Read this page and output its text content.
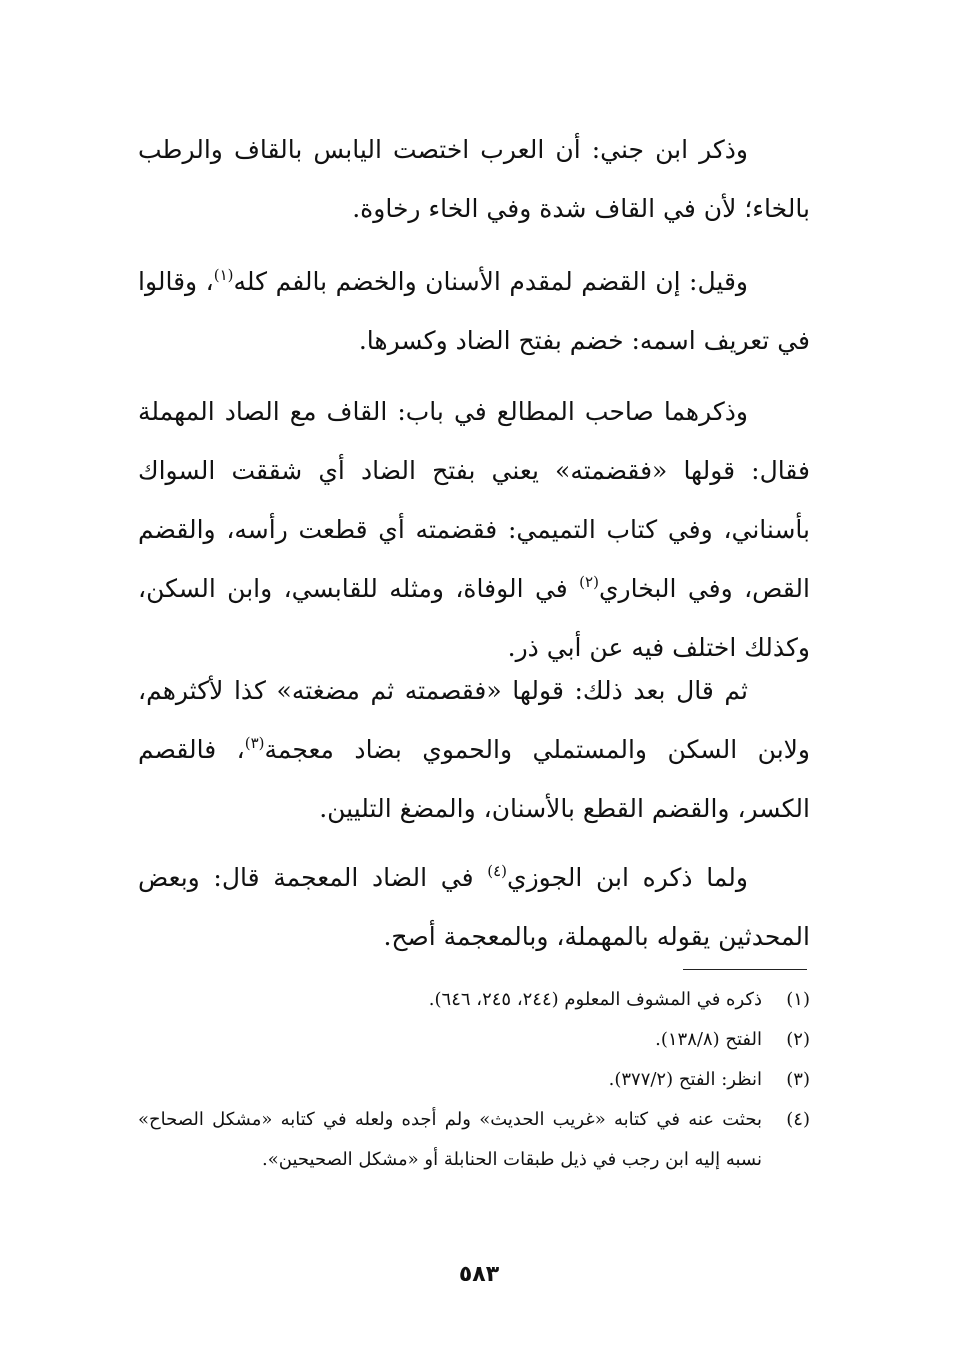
وذكر ابن جني: أن العرب اختصت اليابس بالقاف والرطب بالخاء؛ لأن في القاف شدة وفي الخاء رخاوة.

وقيل: إن القضم لمقدم الأسنان والخضم بالفم كله$^{(١)}$، وقالوا في تعريف اسمه: خضم بفتح الضاد وكسرها.

وذكرهما صاحب المطالع في باب: القاف مع الصاد المهملة فقال: قولها «فقضمته» يعني بفتح الضاد أي شققت السواك بأسناني، وفي كتاب التميمي: فقضمته أي قطعت رأسه، والقضم القص، وفي البخاري$^{(٢)}$ في الوفاة، ومثله للقابسي، وابن السكن، وكذلك اختلف فيه عن أبي ذر.

ثم قال بعد ذلك: قولها «فقصمته ثم مضغته» كذا لأكثرهم، ولابن السكن والمستملي والحموي بضاد معجمة$^{(٣)}$، فالقصم الكسر، والقضم القطع بالأسنان، والمضغ التليين.

ولما ذكره ابن الجوزي$^{(٤)}$ في الضاد المعجمة قال: وبعض المحدثين يقوله بالمهملة، وبالمعجمة أصح.

(١)
ذكره في المشوف المعلوم (٢٤٤، ٢٤٥، ٦٤٦).
(٢)
الفتح (١٣٨/٨).
(٣)
انظر: الفتح (٣٧٧/٢).
(٤)
بحثت عنه في كتابه «غريب الحديث» ولم أجده ولعله في كتابه «مشكل الصحاح» نسبه إليه ابن رجب في ذيل طبقات الحنابلة أو «مشكل الصحيحين».
٥٨٣
